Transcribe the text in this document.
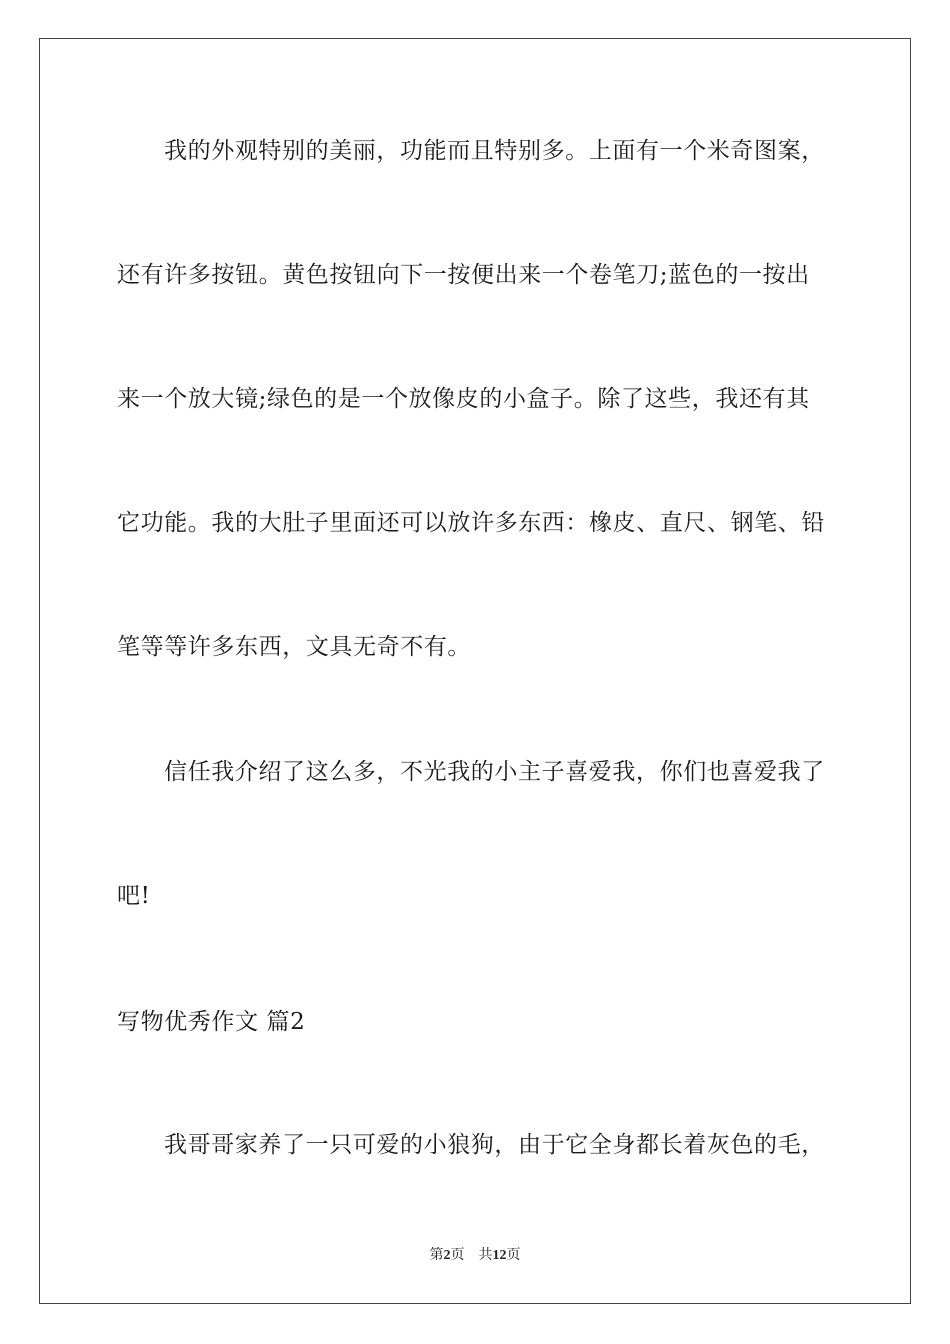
我的外观特别的美丽，功能而且特别多。上面有一个米奇图案，
还有许多按钮。黄色按钮向下一按便出来一个卷笔刀;蓝色的一按出
来一个放大镜;绿色的是一个放像皮的小盒子。除了这些，我还有其
它功能。我的大肚子里面还可以放许多东西：橡皮、直尺、钢笔、铅
笔等等许多东西，文具无奇不有。
信任我介绍了这么多，不光我的小主子喜爱我，你们也喜爱我了
吧!
写物优秀作文 篇2
我哥哥家养了一只可爱的小狼狗，由于它全身都长着灰色的毛，
第2页 共12页
